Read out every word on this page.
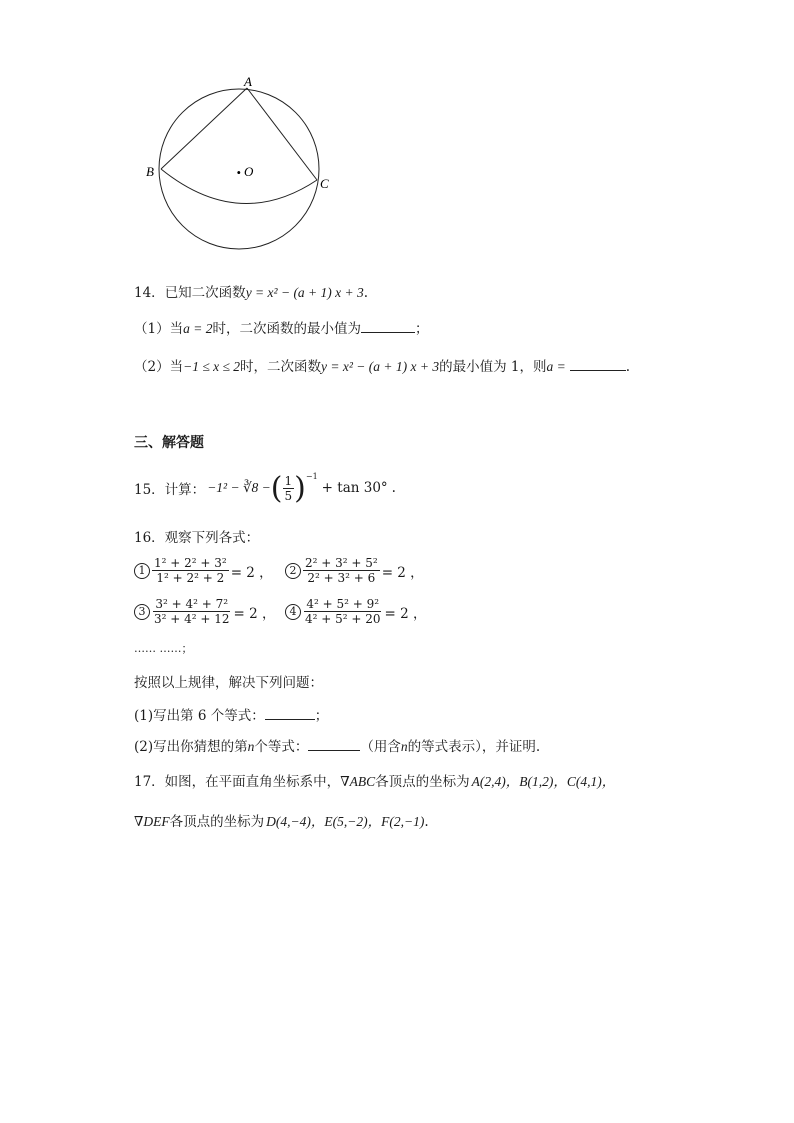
A
B
C
. O
14．已知二次函数y = x² − (a + 1) x + 3.
（1）当a = 2时，二次函数的最小值为	；
（2）当−1 ≤ x ≤ 2时，二次函数y = x² − (a + 1) x + 3的最小值为 1，则a =	.
三、解答题
15．计算： −1² − ∛8 − ( $\frac{1}{5}$ ) −1
+ tan 30° .
16．观察下列各式：
$1 \frac{\text{1² + 2² + 3²}}{\text{1² + 2² + 2}} = 2$ ，	$2 \frac{\text{2² + 3² + 5²}}{\text{2² + 3² + 6}} = 2$ ，
$3 \frac{\text{3² + 4² + 7²}}{\text{3² + 4² + 12}} = 2$ ，	$4 \frac{\text{4² + 5² + 9²}}{\text{4² + 5² + 20}} = 2$ ，
…… ……；
按照以上规律，解决下列问题：
(1)写出第 6 个等式：	；
(2)写出你猜想的第n个等式：	（用含n的等式表示），并证明.
17．如图，在平面直角坐标系中，∇ABC各顶点的坐标为 A(2,4)，B(1,2)，C(4,1)，
∇DEF各顶点的坐标为 D(4,−4)，E(5,−2)，F(2,−1).
